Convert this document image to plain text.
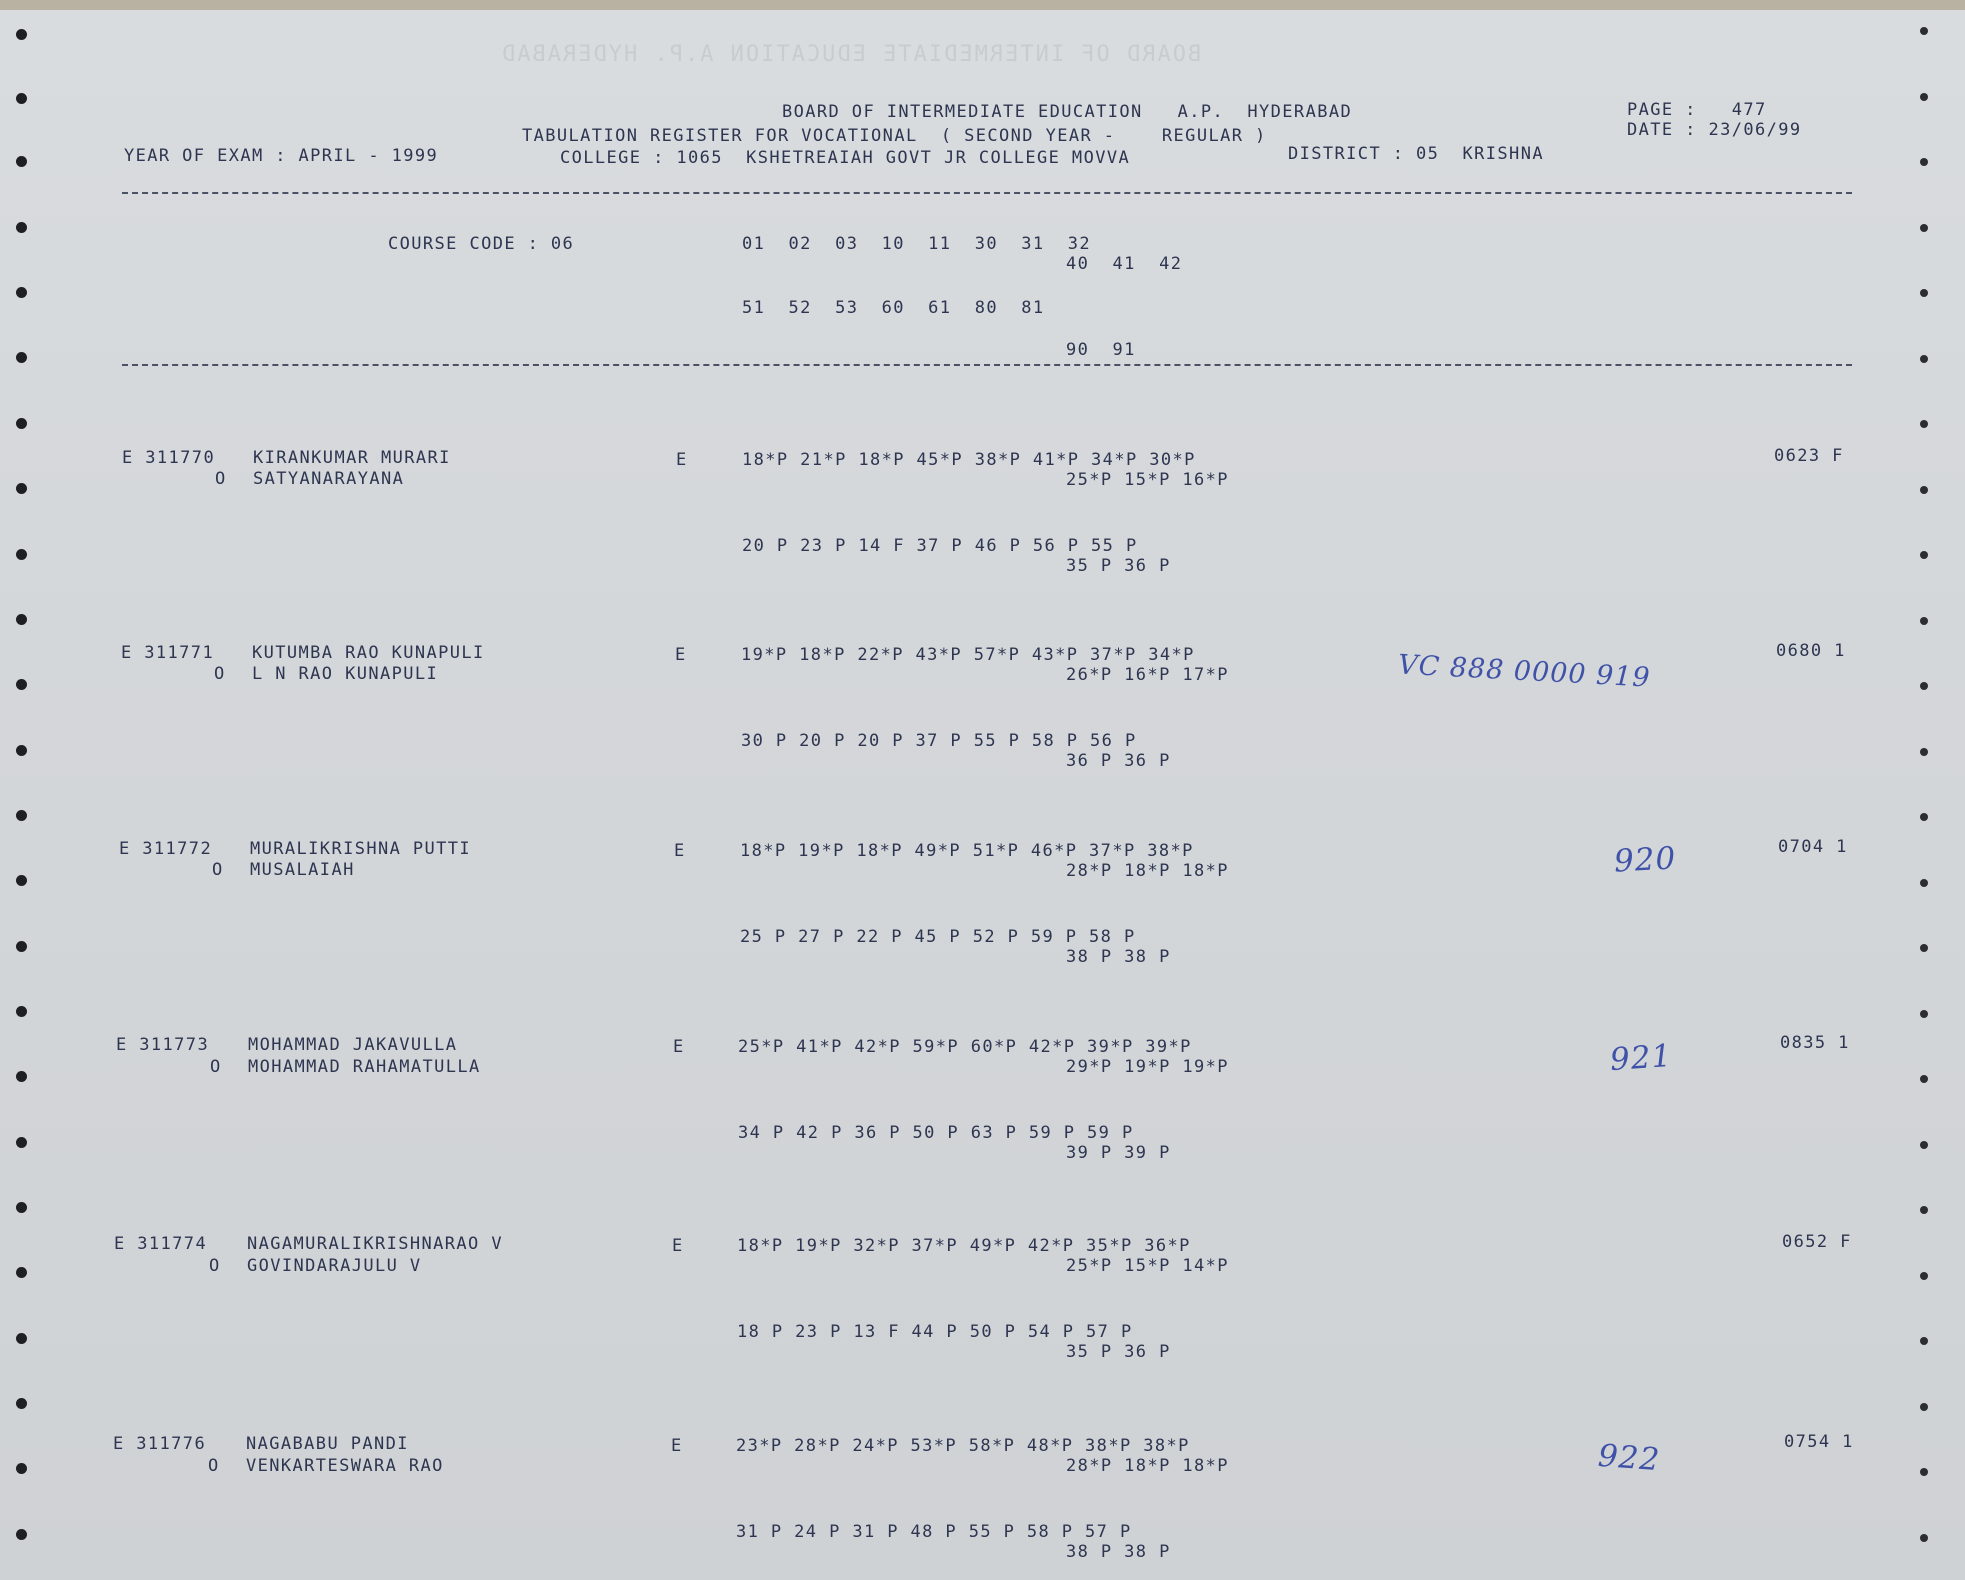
BOARD OF INTERMEDIATE EDUCATION A.P. HYDERABAD
BOARD OF INTERMEDIATE EDUCATION   A.P.  HYDERABAD
TABULATION REGISTER FOR VOCATIONAL  ( SECOND YEAR -    REGULAR )
YEAR OF EXAM : APRIL - 1999	COLLEGE : 1065  KSHETREAIAH GOVT JR COLLEGE MOVVA	DISTRICT : 05  KRISHNA
PAGE :   477
DATE : 23/06/99
COURSE CODE : 06	01  02  03  10  11  30  31  32
40  41  42
51  52  53  60  61  80  81
90  91
E 311770 KIRANKUMAR MURARI
O SATYANARAYANA
E	18*P 21*P 18*P 45*P 38*P 41*P 34*P 30*P
25*P 15*P 16*P
20 P 23 P 14 F 37 P 46 P 56 P 55 P
35 P 36 P
0623 F
E 311771 KUTUMBA RAO KUNAPULI
O L N RAO KUNAPULI
E	19*P 18*P 22*P 43*P 57*P 43*P 37*P 34*P
26*P 16*P 17*P
30 P 20 P 20 P 37 P 55 P 58 P 56 P
36 P 36 P
0680 1
VC 888 0000 919
E 311772 MURALIKRISHNA PUTTI
O MUSALAIAH
E	18*P 19*P 18*P 49*P 51*P 46*P 37*P 38*P
28*P 18*P 18*P
25 P 27 P 22 P 45 P 52 P 59 P 58 P
38 P 38 P
0704 1
920
E 311773 MOHAMMAD JAKAVULLA
O MOHAMMAD RAHAMATULLA
E	25*P 41*P 42*P 59*P 60*P 42*P 39*P 39*P
29*P 19*P 19*P
34 P 42 P 36 P 50 P 63 P 59 P 59 P
39 P 39 P
0835 1
921
E 311774 NAGAMURALIKRISHNARAO V
O GOVINDARAJULU V
E	18*P 19*P 32*P 37*P 49*P 42*P 35*P 36*P
25*P 15*P 14*P
18 P 23 P 13 F 44 P 50 P 54 P 57 P
35 P 36 P
0652 F
E 311776 NAGABABU PANDI
O VENKARTESWARA RAO
E	23*P 28*P 24*P 53*P 58*P 48*P 38*P 38*P
28*P 18*P 18*P
31 P 24 P 31 P 48 P 55 P 58 P 57 P
38 P 38 P
0754 1
922
